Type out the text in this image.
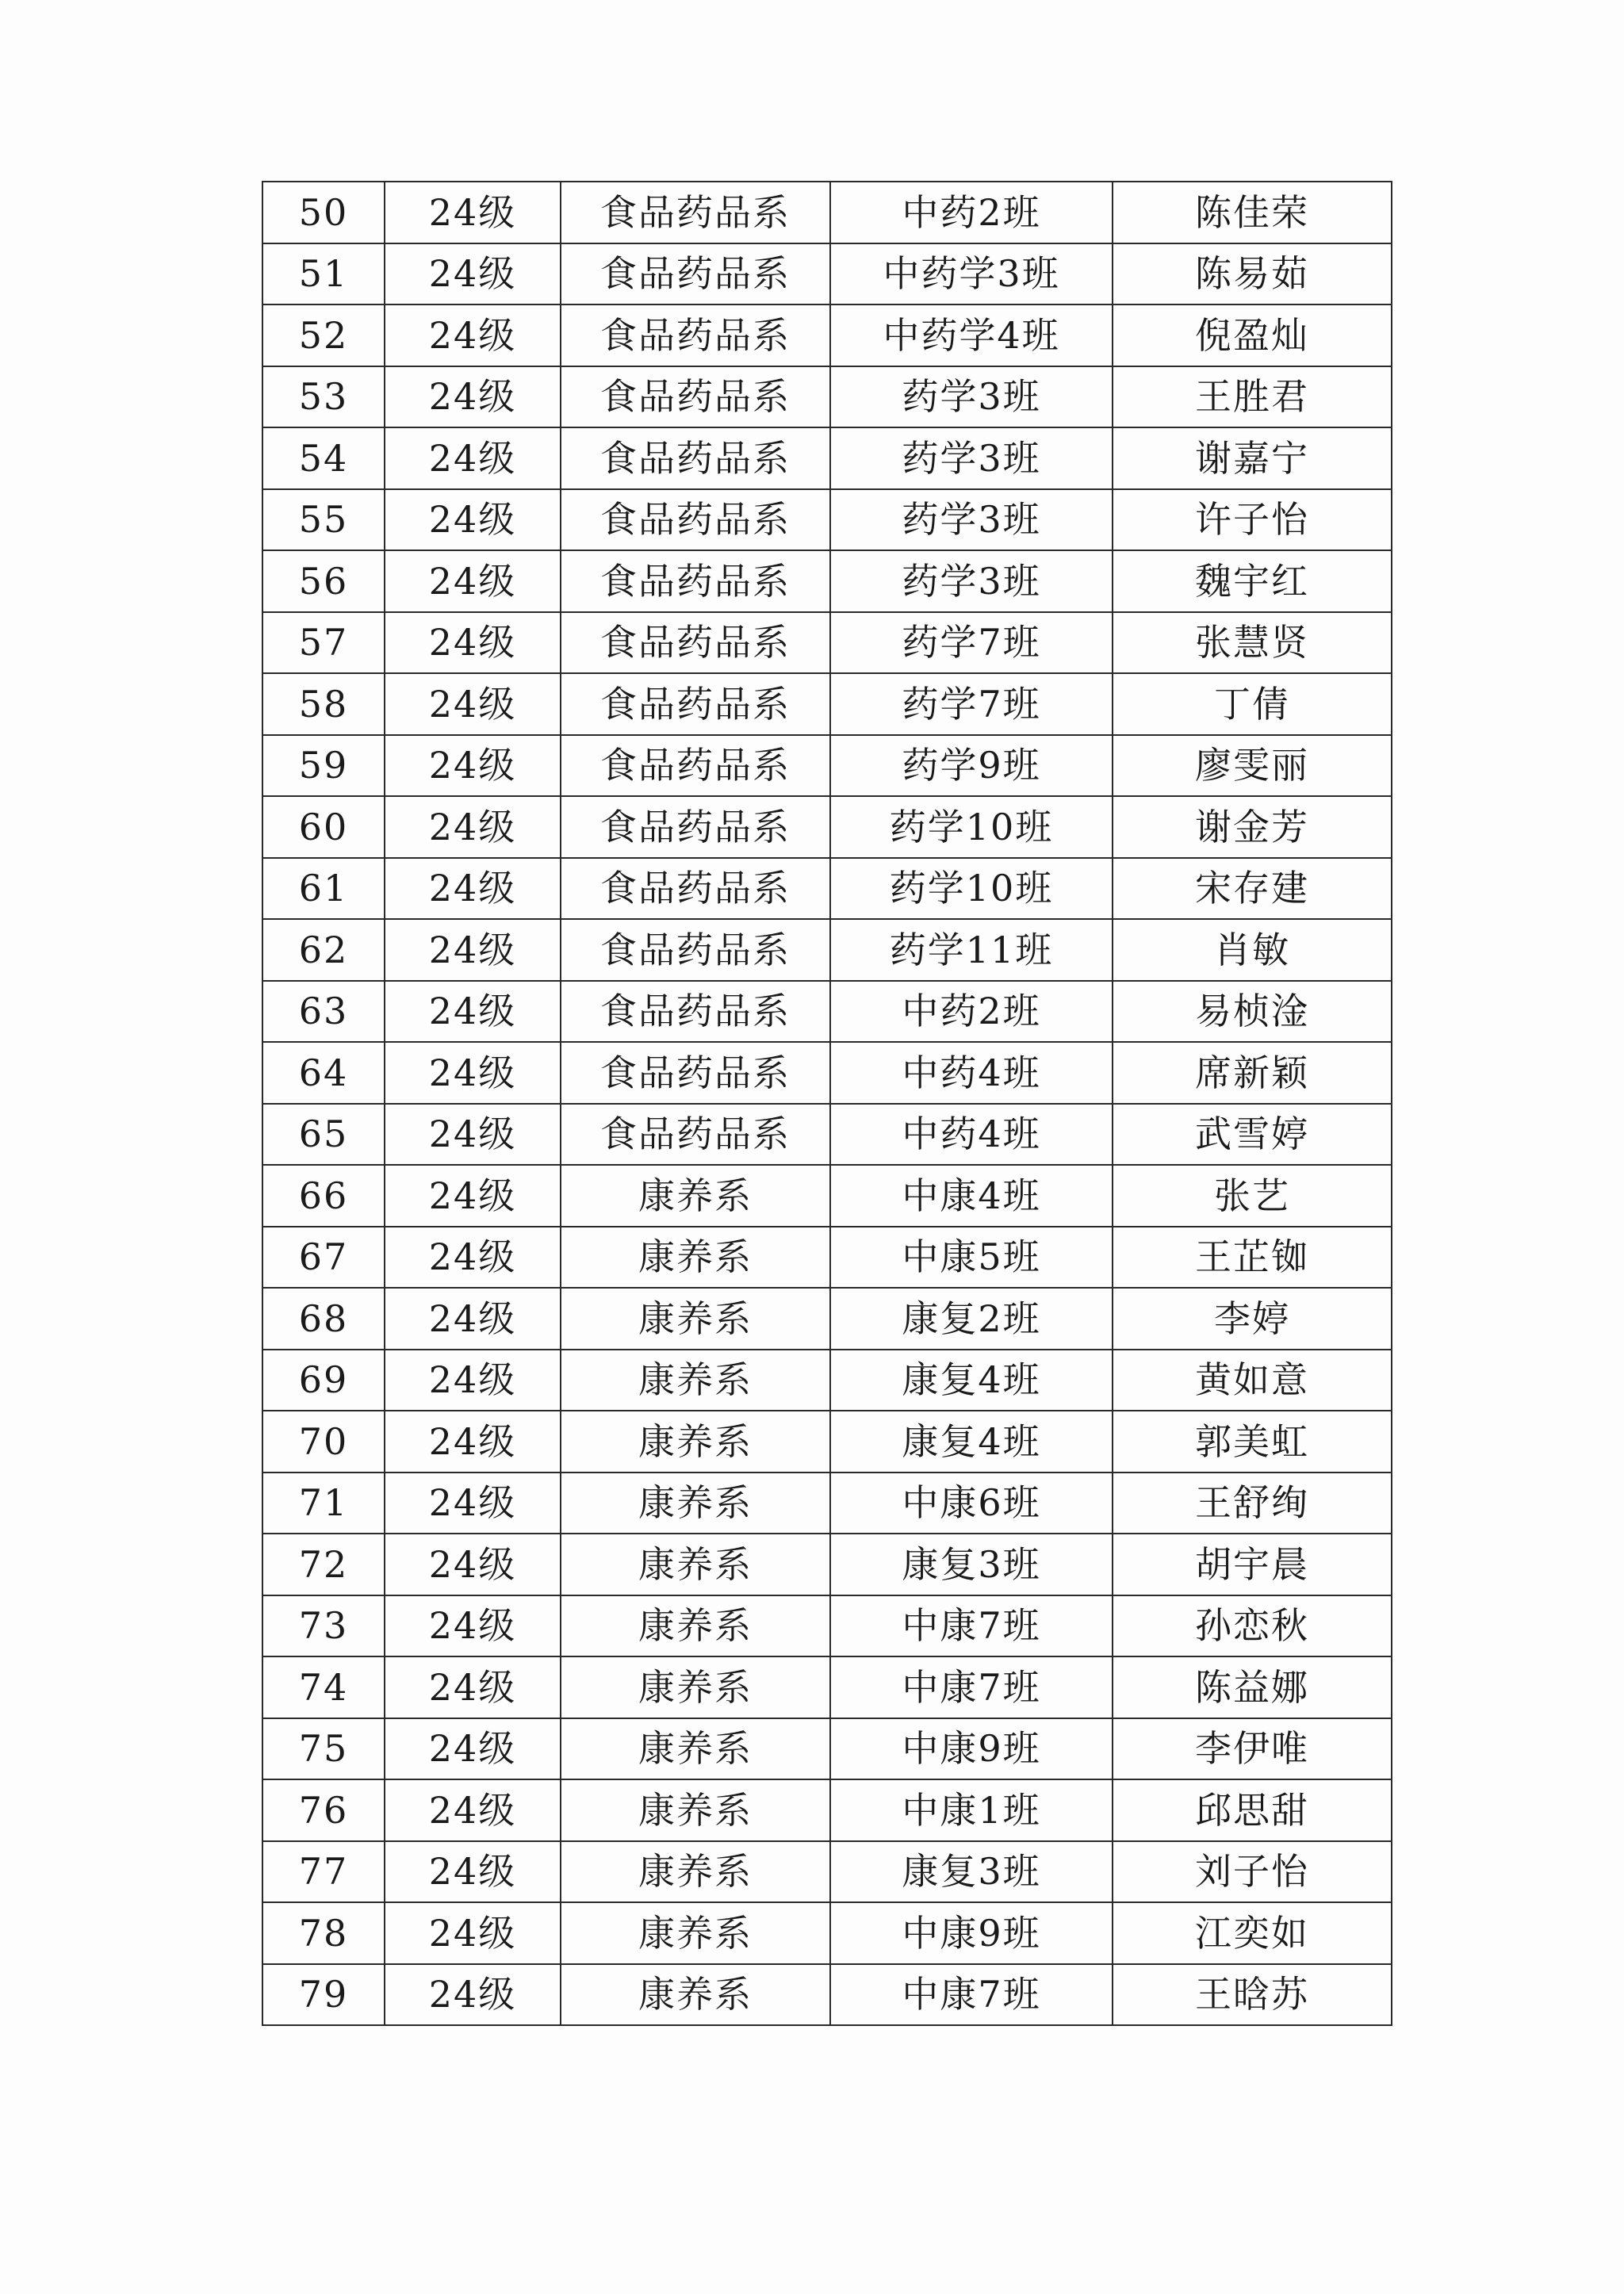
50	24级	食品药品系	中药2班	陈佳荣
51	24级	食品药品系	中药学3班	陈易茹
52	24级	食品药品系	中药学4班	倪盈灿
53	24级	食品药品系	药学3班	王胜君
54	24级	食品药品系	药学3班	谢嘉宁
55	24级	食品药品系	药学3班	许子怡
56	24级	食品药品系	药学3班	魏宇红
57	24级	食品药品系	药学7班	张慧贤
58	24级	食品药品系	药学7班	丁倩
59	24级	食品药品系	药学9班	廖雯丽
60	24级	食品药品系	药学10班	谢金芳
61	24级	食品药品系	药学10班	宋存建
62	24级	食品药品系	药学11班	肖敏
63	24级	食品药品系	中药2班	易桢淦
64	24级	食品药品系	中药4班	席新颖
65	24级	食品药品系	中药4班	武雪婷
66	24级	康养系	中康4班	张艺
67	24级	康养系	中康5班	王芷铷
68	24级	康养系	康复2班	李婷
69	24级	康养系	康复4班	黄如意
70	24级	康养系	康复4班	郭美虹
71	24级	康养系	中康6班	王舒绚
72	24级	康养系	康复3班	胡宇晨
73	24级	康养系	中康7班	孙恋秋
74	24级	康养系	中康7班	陈益娜
75	24级	康养系	中康9班	李伊唯
76	24级	康养系	中康1班	邱思甜
77	24级	康养系	康复3班	刘子怡
78	24级	康养系	中康9班	江奕如
79	24级	康养系	中康7班	王晗苏
